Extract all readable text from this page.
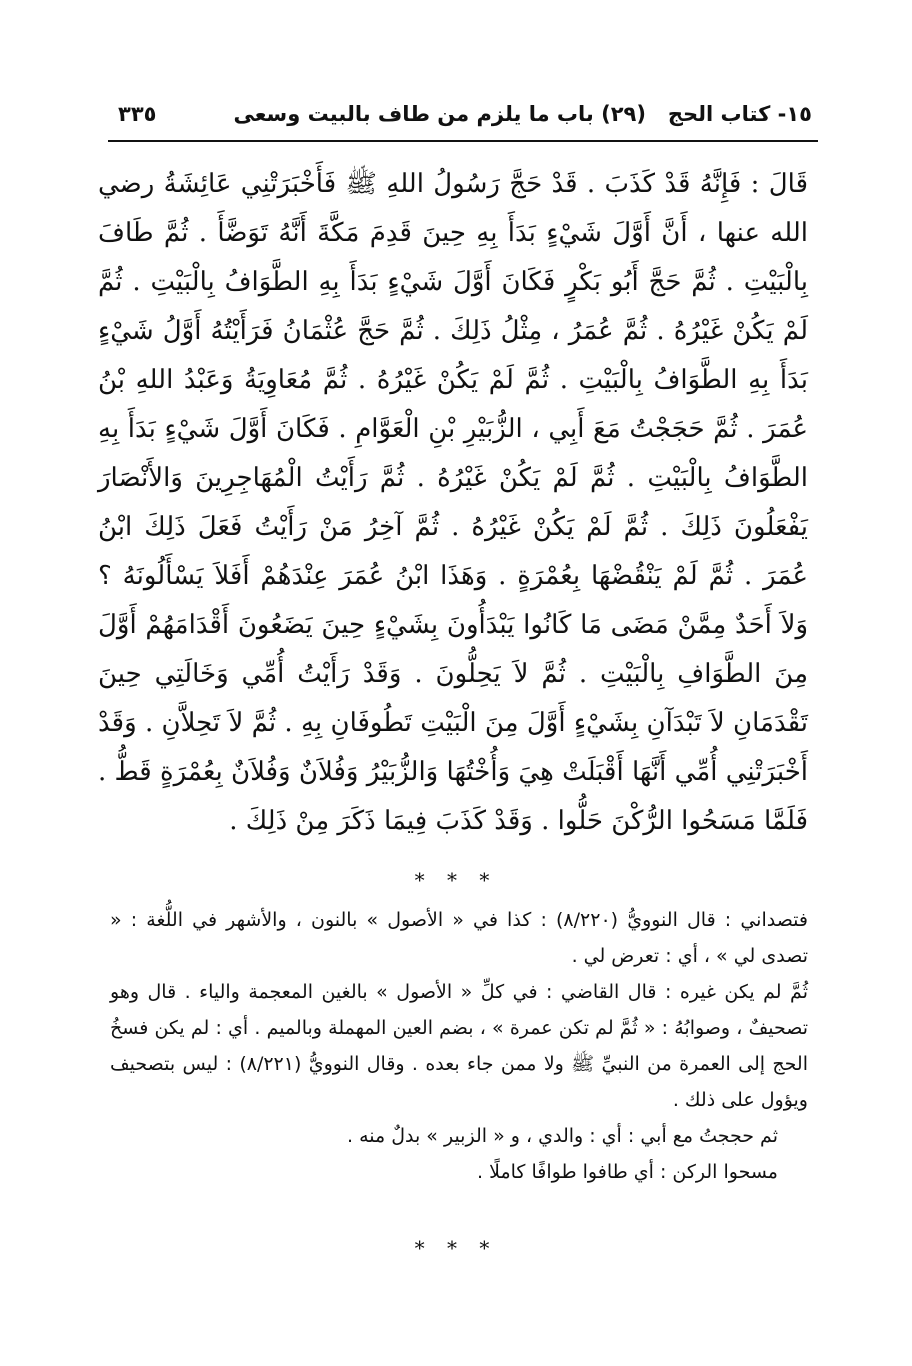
١٥- كتاب الحج   (٢٩) باب ما يلزم من طاف بالبيت وسعى
٣٣٥

قَالَ : فَإِنَّهُ قَدْ كَذَبَ . قَدْ حَجَّ رَسُولُ اللهِ ﷺ فَأَخْبَرَتْنِي عَائِشَةُ رضي الله عنها ، أَنَّ أَوَّلَ شَيْءٍ بَدَأَ بِهِ حِينَ قَدِمَ مَكَّةَ أَنَّهُ تَوَضَّأَ . ثُمَّ طَافَ بِالْبَيْتِ . ثُمَّ حَجَّ أَبُو بَكْرٍ فَكَانَ أَوَّلَ شَيْءٍ بَدَأَ بِهِ الطَّوَافُ بِالْبَيْتِ . ثُمَّ لَمْ يَكُنْ غَيْرُهُ . ثُمَّ عُمَرُ ، مِثْلُ ذَلِكَ . ثُمَّ حَجَّ عُثْمَانُ فَرَأَيْتُهُ أَوَّلُ شَيْءٍ بَدَأَ بِهِ الطَّوَافُ بِالْبَيْتِ . ثُمَّ لَمْ يَكُنْ غَيْرُهُ . ثُمَّ مُعَاوِيَةُ وَعَبْدُ اللهِ بْنُ عُمَرَ . ثُمَّ حَجَجْتُ مَعَ أَبِي ، الزُّبَيْرِ بْنِ الْعَوَّامِ . فَكَانَ أَوَّلَ شَيْءٍ بَدَأَ بِهِ الطَّوَافُ بِالْبَيْتِ . ثُمَّ لَمْ يَكُنْ غَيْرُهُ . ثُمَّ رَأَيْتُ الْمُهَاجِرِينَ وَالأَنْصَارَ يَفْعَلُونَ ذَلِكَ . ثُمَّ لَمْ يَكُنْ غَيْرُهُ . ثُمَّ آخِرُ مَنْ رَأَيْتُ فَعَلَ ذَلِكَ ابْنُ عُمَرَ . ثُمَّ لَمْ يَنْقُضْهَا بِعُمْرَةٍ . وَهَذَا ابْنُ عُمَرَ عِنْدَهُمْ أَفَلاَ يَسْأَلُونَهُ ؟ وَلاَ أَحَدٌ مِمَّنْ مَضَى مَا كَانُوا يَبْدَأُونَ بِشَيْءٍ حِينَ يَضَعُونَ أَقْدَامَهُمْ أَوَّلَ مِنَ الطَّوَافِ بِالْبَيْتِ . ثُمَّ لاَ يَحِلُّونَ . وَقَدْ رَأَيْتُ أُمِّي وَخَالَتِي حِينَ تَقْدَمَانِ لاَ تَبْدَآنِ بِشَيْءٍ أَوَّلَ مِنَ الْبَيْتِ تَطُوفَانِ بِهِ . ثُمَّ لاَ تَحِلاَّنِ . وَقَدْ أَخْبَرَتْنِي أُمِّي أَنَّهَا أَقْبَلَتْ هِيَ وَأُخْتُهَا وَالزُّبَيْرُ وَفُلاَنٌ وَفُلاَنٌ بِعُمْرَةٍ قَطُّ . فَلَمَّا مَسَحُوا الرُّكْنَ حَلُّوا . وَقَدْ كَذَبَ فِيمَا ذَكَرَ مِنْ ذَلِكَ .

* * *

فتصداني : قال النوويُّ (٨/٢٢٠) : كذا في « الأصول » بالنون ، والأشهر في اللُّغة : « تصدى لي » ، أي : تعرض لي .

ثُمَّ لم يكن غيره : قال القاضي : في كلِّ « الأصول » بالغين المعجمة والياء . قال وهو تصحيفٌ ، وصوابُهُ : « ثُمَّ لم تكن عمرة » ، بضم العين المهملة وبالميم . أي : لم يكن فسخُ الحج إلى العمرة من النبيِّ ﷺ ولا ممن جاء بعده . وقال النوويُّ (٨/٢٢١) : ليس بتصحيف ويؤول على ذلك .

ثم حججتُ مع أبي : أي : والدي ، و « الزبير » بدلٌ منه .

مسحوا الركن : أي طافوا طوافًا كاملًا .

* * *
